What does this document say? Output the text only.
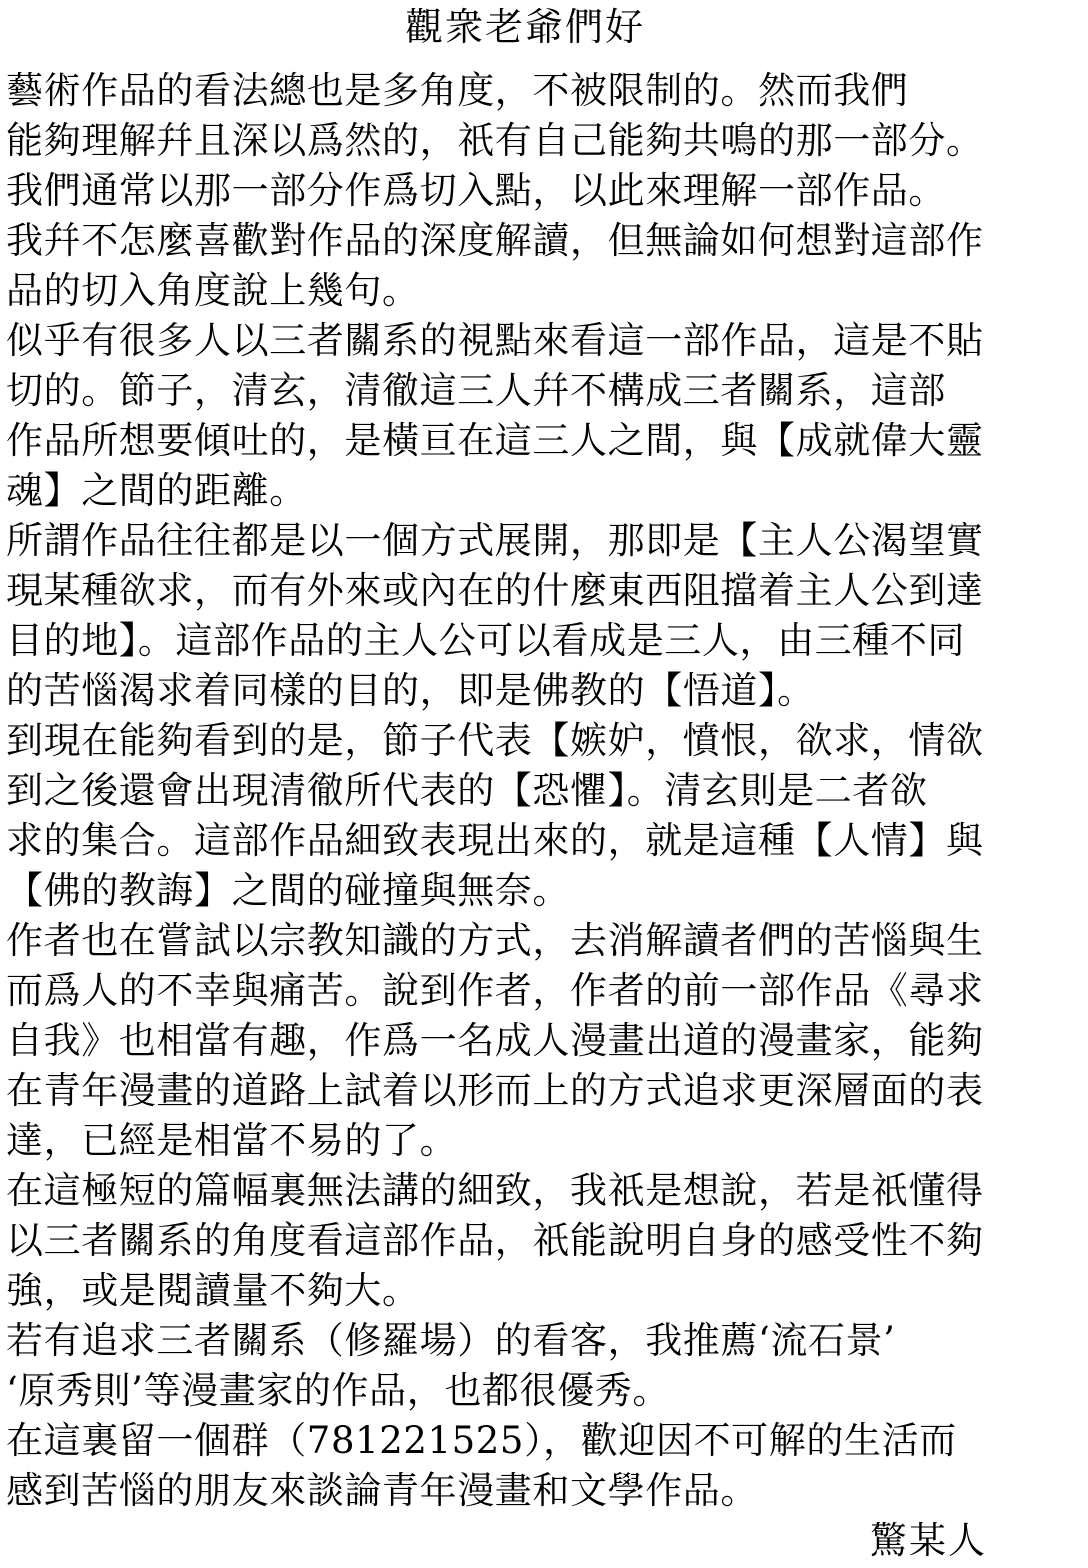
觀衆老爺們好
藝術作品的看法總也是多角度，不被限制的。然而我們
能夠理解幷且深以爲然的，祇有自己能夠共鳴的那一部分。
我們通常以那一部分作爲切入點，以此來理解一部作品。
我幷不怎麼喜歡對作品的深度解讀，但無論如何想對這部作
品的切入角度說上幾句。
似乎有很多人以三者關系的視點來看這一部作品，這是不貼
切的。節子，清玄，清徹這三人幷不構成三者關系，這部
作品所想要傾吐的，是橫亘在這三人之間，與【成就偉大靈
魂】之間的距離。
所謂作品往往都是以一個方式展開，那即是【主人公渴望實
現某種欲求，而有外來或內在的什麼東西阻擋着主人公到達
目的地】。這部作品的主人公可以看成是三人，由三種不同
的苦惱渴求着同樣的目的，即是佛教的【悟道】。
到現在能夠看到的是，節子代表【嫉妒，憤恨，欲求，情欲
到之後還會出現清徹所代表的【恐懼】。清玄則是二者欲
求的集合。這部作品細致表現出來的，就是這種【人情】與
【佛的教誨】之間的碰撞與無奈。
作者也在嘗試以宗教知識的方式，去消解讀者們的苦惱與生
而爲人的不幸與痛苦。說到作者，作者的前一部作品《尋求
自我》也相當有趣，作爲一名成人漫畫出道的漫畫家，能夠
在青年漫畫的道路上試着以形而上的方式追求更深層面的表
達，已經是相當不易的了。
在這極短的篇幅裏無法講的細致，我祇是想說，若是祇懂得
以三者關系的角度看這部作品，祇能說明自身的感受性不夠
強，或是閱讀量不夠大。
若有追求三者關系（修羅場）的看客，我推薦‘流石景’
‘原秀則’等漫畫家的作品，也都很優秀。
在這裏留一個群（781221525），歡迎因不可解的生活而
感到苦惱的朋友來談論青年漫畫和文學作品。
驚某人
